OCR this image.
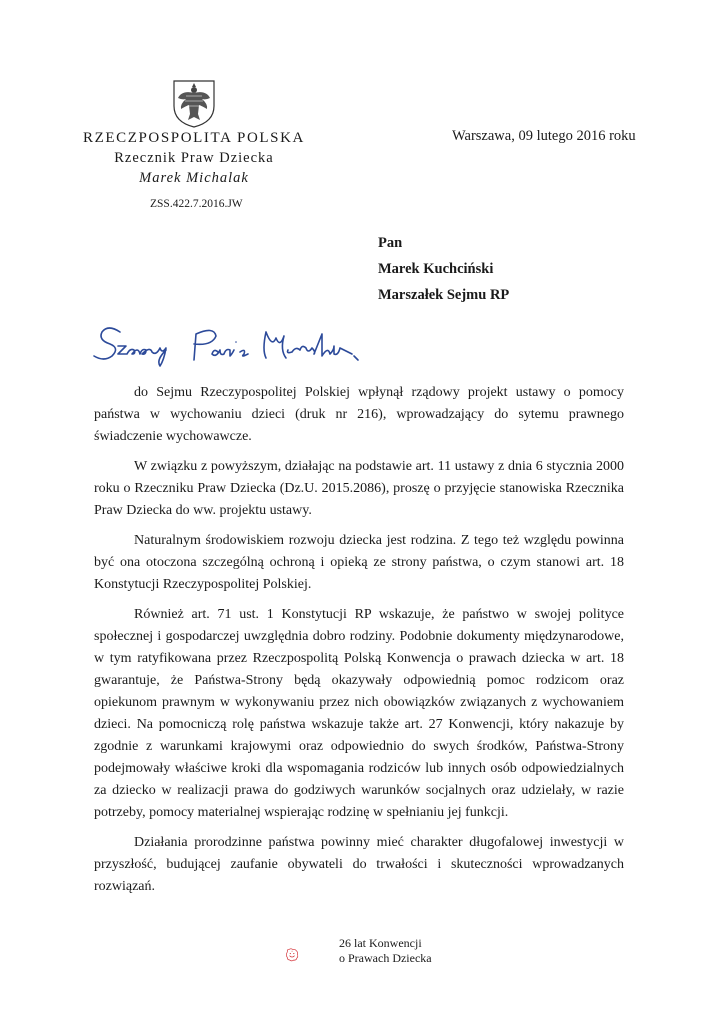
RZECZPOSPOLITA POLSKA
Rzecznik Praw Dziecka
Marek Michalak
Warszawa, 09 lutego 2016 roku
ZSS.422.7.2016.JW
Pan
Marek Kuchciński
Marszałek Sejmu RP

do Sejmu Rzeczypospolitej Polskiej wpłynął rządowy projekt ustawy o pomocy państwa w wychowaniu dzieci (druk nr 216), wprowadzający do sytemu prawnego świadczenie wychowawcze.

W związku z powyższym, działając na podstawie art. 11 ustawy z dnia 6 stycznia 2000 roku o Rzeczniku Praw Dziecka (Dz.U. 2015.2086), proszę o przyjęcie stanowiska Rzecznika Praw Dziecka do ww. projektu ustawy.

Naturalnym środowiskiem rozwoju dziecka jest rodzina. Z tego też względu powinna być ona otoczona szczególną ochroną i opieką ze strony państwa, o czym stanowi art. 18 Konstytucji Rzeczypospolitej Polskiej.

Również art. 71 ust. 1 Konstytucji RP wskazuje, że państwo w swojej polityce społecznej i gospodarczej uwzględnia dobro rodziny. Podobnie dokumenty międzynarodowe, w tym ratyfikowana przez Rzeczpospolitą Polską Konwencja o prawach dziecka w art. 18 gwarantuje, że Państwa-Strony będą okazywały odpowiednią pomoc rodzicom oraz opiekunom prawnym w wykonywaniu przez nich obowiązków związanych z wychowaniem dzieci. Na pomocniczą rolę państwa wskazuje także art. 27 Konwencji, który nakazuje by zgodnie z warunkami krajowymi oraz odpowiednio do swych środków, Państwa-Strony podejmowały właściwe kroki dla wspomagania rodziców lub innych osób odpowiedzialnych za dziecko w realizacji prawa do godziwych warunków socjalnych oraz udzielały, w razie potrzeby, pomocy materialnej wspierając rodzinę w spełnianiu jej funkcji.

Działania prorodzinne państwa powinny mieć charakter długofalowej inwestycji w przyszłość, budującej zaufanie obywateli do trwałości i skuteczności wprowadzanych rozwiązań.

26 lat Konwencji
o Prawach Dziecka
